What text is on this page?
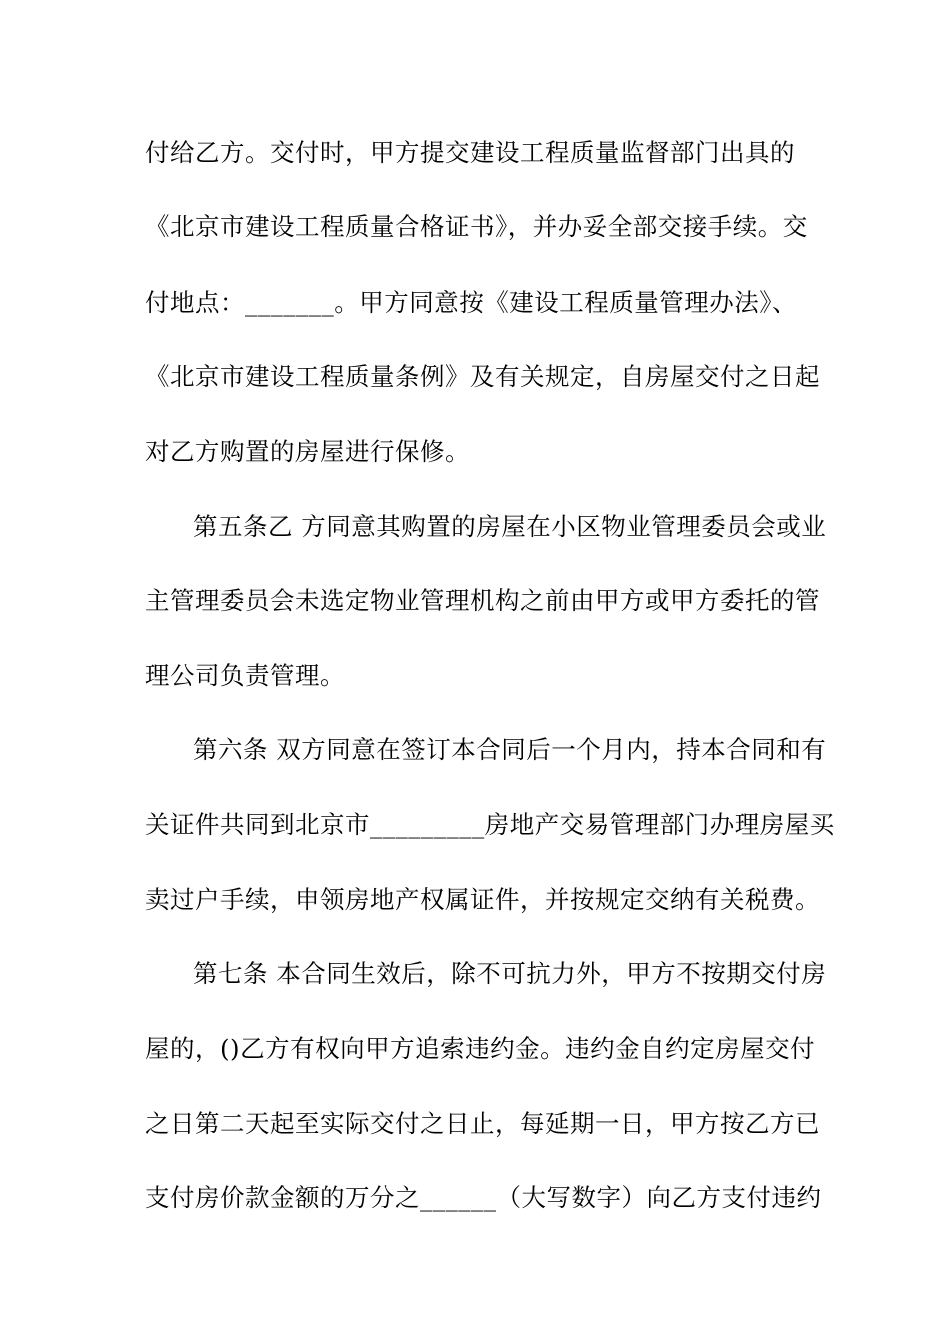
付给乙方。交付时，甲方提交建设工程质量监督部门出具的
《北京市建设工程质量合格证书》，并办妥全部交接手续。交
付地点：_______。甲方同意按《建设工程质量管理办法》、
《北京市建设工程质量条例》及有关规定，自房屋交付之日起
对乙方购置的房屋进行保修。
第五条乙 方同意其购置的房屋在小区物业管理委员会或业
主管理委员会未选定物业管理机构之前由甲方或甲方委托的管
理公司负责管理。
第六条 双方同意在签订本合同后一个月内，持本合同和有
关证件共同到北京市_________房地产交易管理部门办理房屋买
卖过户手续，申领房地产权属证件，并按规定交纳有关税费。
第七条 本合同生效后，除不可抗力外，甲方不按期交付房
屋的，()乙方有权向甲方追索违约金。违约金自约定房屋交付
之日第二天起至实际交付之日止，每延期一日，甲方按乙方已
支付房价款金额的万分之______（大写数字）向乙方支付违约
